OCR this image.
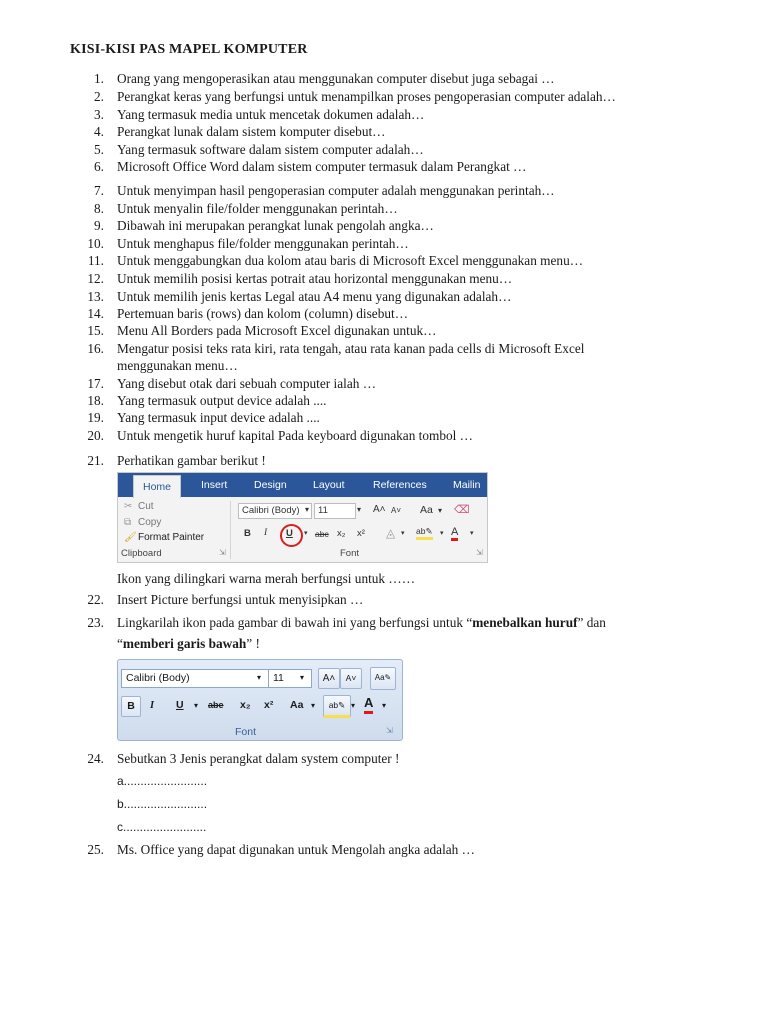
KISI-KISI PAS MAPEL KOMPUTER
1. Orang yang mengoperasikan atau menggunakan computer disebut juga sebagai …
2. Perangkat keras yang berfungsi untuk menampilkan proses pengoperasian computer adalah…
3. Yang termasuk media untuk mencetak dokumen adalah…
4. Perangkat lunak dalam sistem komputer disebut…
5. Yang termasuk software dalam sistem computer adalah…
6. Microsoft Office Word dalam sistem computer termasuk dalam Perangkat …
7. Untuk menyimpan hasil pengoperasian computer adalah menggunakan perintah…
8. Untuk menyalin file/folder menggunakan perintah…
9. Dibawah ini merupakan perangkat lunak pengolah angka…
10. Untuk menghapus file/folder menggunakan perintah…
11. Untuk menggabungkan dua kolom atau baris di Microsoft Excel menggunakan menu…
12. Untuk memilih posisi kertas potrait atau horizontal menggunakan menu…
13. Untuk memilih jenis kertas Legal atau A4 menu yang digunakan adalah…
14. Pertemuan baris (rows) dan kolom (column) disebut…
15. Menu All Borders pada Microsoft Excel digunakan untuk…
16. Mengatur posisi teks rata kiri, rata tengah, atau rata kanan pada cells di Microsoft Excel
menggunakan menu…
17. Yang disebut otak dari sebuah computer ialah …
18. Yang termasuk output device adalah ....
19. Yang termasuk input device adalah ....
20. Untuk mengetik huruf kapital Pada keyboard digunakan tombol …
21. Perhatikan gambar berikut !
Home	Insert	Design	Layout	References	Mailin
✂ Cut
⧉ Copy
🖌Format Painter
Clipboard	⇲
Calibri (Body) ▾ 11	▾ A˄ A˅ Aa ▾ ⌫
B I U ▾ abc x₂ x² ◬ ▾ ab✎ ▾ A ▾
Font	⇲
Ikon yang dilingkari warna merah berfungsi untuk ……
22. Insert Picture berfungsi untuk menyisipkan …
23. Lingkarilah ikon pada gambar di bawah ini yang berfungsi untuk “menebalkan huruf” dan
“memberi garis bawah” !
Calibri (Body)	▾	11	▾	A˄	A˅	Aa✎
B	I U ▾ abe x₂ x² Aa ▾	ab✎ ▾ A ▾
Font	⇲
24. Sebutkan 3 Jenis perangkat dalam system computer !
a.........................
b.........................
c.........................
25. Ms. Office yang dapat digunakan untuk Mengolah angka adalah …
